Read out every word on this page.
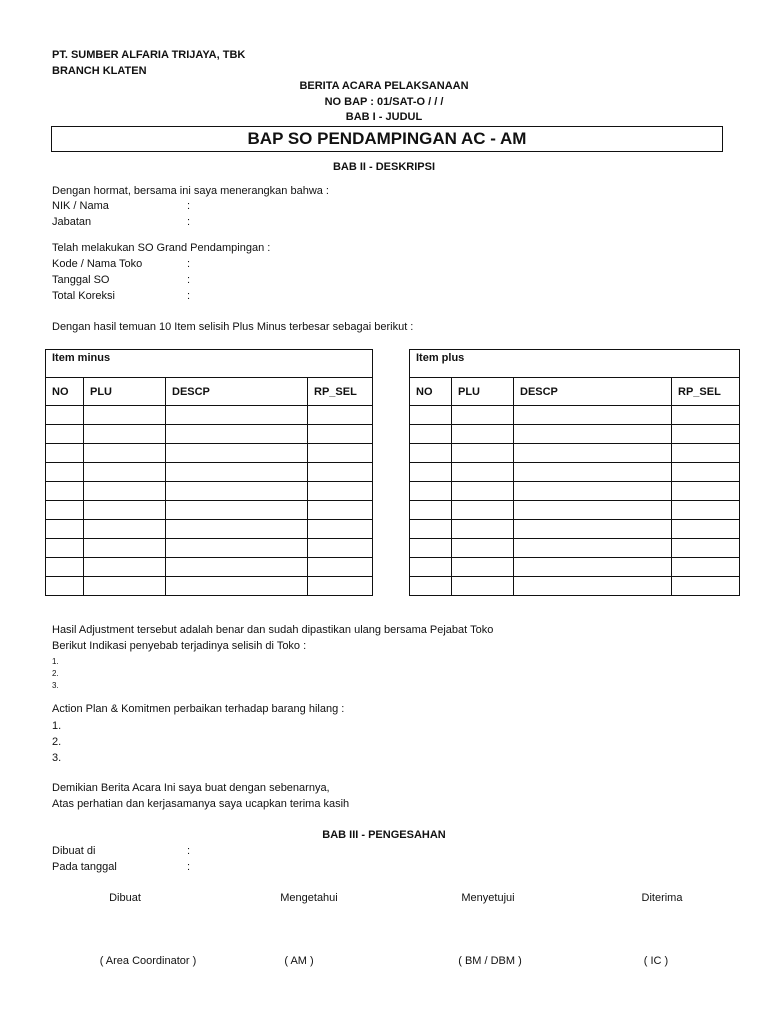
PT. SUMBER ALFARIA TRIJAYA, TBK
BRANCH KLATEN
BERITA ACARA PELAKSANAAN
NO BAP : 01/SAT-O / / /
BAB I - JUDUL
BAP SO PENDAMPINGAN AC - AM
BAB II - DESKRIPSI
Dengan hormat, bersama ini saya menerangkan bahwa :
NIK / Nama	:
Jabatan	:
Telah melakukan SO Grand Pendampingan :
Kode / Nama Toko	:
Tanggal SO	:
Total Koreksi	:
Dengan hasil temuan 10 Item selisih Plus Minus terbesar sebagai berikut :
Item minus			
NO	PLU	DESCP	RP_SEL

Item plus			
NO	PLU	DESCP	RP_SEL

Hasil Adjustment tersebut adalah benar dan sudah dipastikan ulang bersama Pejabat Toko
Berikut Indikasi penyebab terjadinya selisih di Toko :
1.
2.
3.
Action Plan & Komitmen perbaikan terhadap barang hilang :
1.
2.
3.
Demikian Berita Acara Ini saya buat dengan sebenarnya,
Atas perhatian dan kerjasamanya saya ucapkan terima kasih
BAB III - PENGESAHAN
Dibuat di	:
Pada tanggal	:
Dibuat	Mengetahui	Menyetujui	Diterima
( Area Coordinator )	( AM )	( BM / DBM )	( IC )
